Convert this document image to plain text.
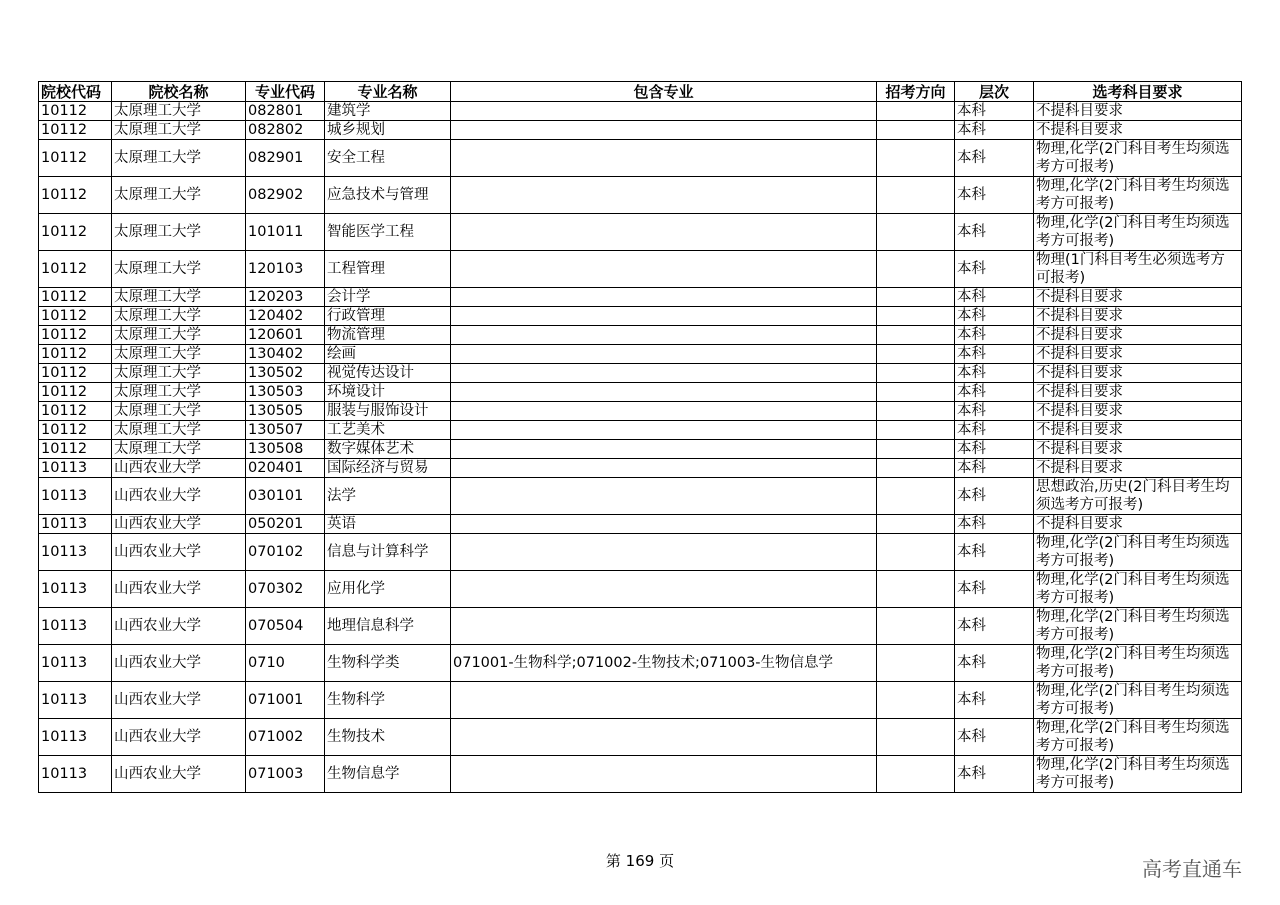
院校代码	院校名称	专业代码	专业名称	包含专业	招考方向	层次	选考科目要求
10112	太原理工大学	082801	建筑学			本科	不提科目要求
10112	太原理工大学	082802	城乡规划			本科	不提科目要求
10112	太原理工大学	082901	安全工程			本科	物理,化学(2门科目考生均须选考方可报考)
10112	太原理工大学	082902	应急技术与管理			本科	物理,化学(2门科目考生均须选考方可报考)
10112	太原理工大学	101011	智能医学工程			本科	物理,化学(2门科目考生均须选考方可报考)
10112	太原理工大学	120103	工程管理			本科	物理(1门科目考生必须选考方可报考)
10112	太原理工大学	120203	会计学			本科	不提科目要求
10112	太原理工大学	120402	行政管理			本科	不提科目要求
10112	太原理工大学	120601	物流管理			本科	不提科目要求
10112	太原理工大学	130402	绘画			本科	不提科目要求
10112	太原理工大学	130502	视觉传达设计			本科	不提科目要求
10112	太原理工大学	130503	环境设计			本科	不提科目要求
10112	太原理工大学	130505	服装与服饰设计			本科	不提科目要求
10112	太原理工大学	130507	工艺美术			本科	不提科目要求
10112	太原理工大学	130508	数字媒体艺术			本科	不提科目要求
10113	山西农业大学	020401	国际经济与贸易			本科	不提科目要求
10113	山西农业大学	030101	法学			本科	思想政治,历史(2门科目考生均须选考方可报考)
10113	山西农业大学	050201	英语			本科	不提科目要求
10113	山西农业大学	070102	信息与计算科学			本科	物理,化学(2门科目考生均须选考方可报考)
10113	山西农业大学	070302	应用化学			本科	物理,化学(2门科目考生均须选考方可报考)
10113	山西农业大学	070504	地理信息科学			本科	物理,化学(2门科目考生均须选考方可报考)
10113	山西农业大学	0710	生物科学类	071001-生物科学;071002-生物技术;071003-生物信息学		本科	物理,化学(2门科目考生均须选考方可报考)
10113	山西农业大学	071001	生物科学			本科	物理,化学(2门科目考生均须选考方可报考)
10113	山西农业大学	071002	生物技术			本科	物理,化学(2门科目考生均须选考方可报考)
10113	山西农业大学	071003	生物信息学			本科	物理,化学(2门科目考生均须选考方可报考)
第 169 页	高考直通车
